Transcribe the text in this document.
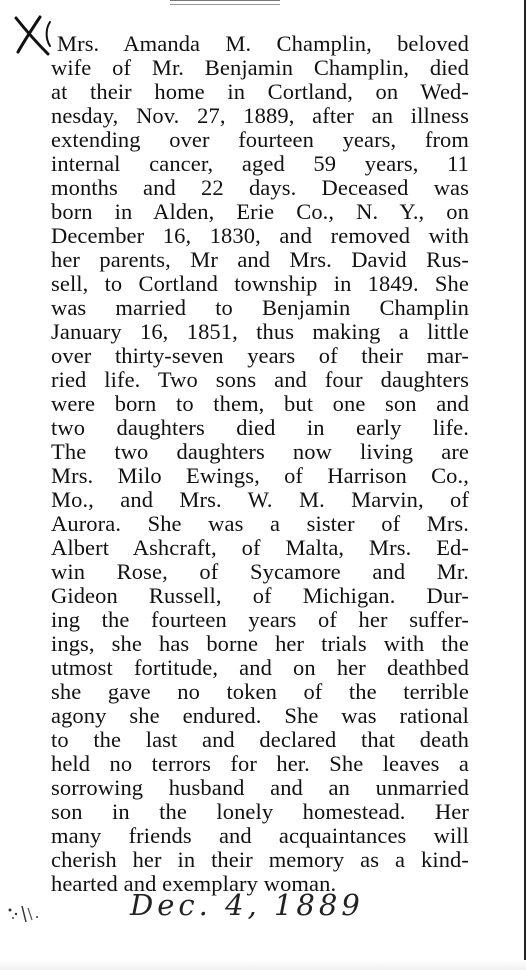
Mrs. Amanda M. Champlin, beloved

wife of Mr. Benjamin Champlin, died

at their home in Cortland, on Wed-

nesday, Nov. 27, 1889, after an illness

extending over fourteen years, from

internal cancer, aged 59 years, 11

months and 22 days. Deceased was

born in Alden, Erie Co., N. Y., on

December 16, 1830, and removed with

her parents, Mr and Mrs. David Rus-

sell, to Cortland township in 1849. She

was married to Benjamin Champlin

January 16, 1851, thus making a little

over thirty-seven years of their mar-

ried life. Two sons and four daughters

were born to them, but one son and

two daughters died in early life.

The two daughters now living are

Mrs. Milo Ewings, of Harrison Co.,

Mo., and Mrs. W. M. Marvin, of

Aurora. She was a sister of Mrs.

Albert Ashcraft, of Malta, Mrs. Ed-

win Rose, of Sycamore and Mr.

Gideon Russell, of Michigan. Dur-

ing the fourteen years of her suffer-

ings, she has borne her trials with the

utmost fortitude, and on her deathbed

she gave no token of the terrible

agony she endured. She was rational

to the last and declared that death

held no terrors for her. She leaves a

sorrowing husband and an unmarried

son in the lonely homestead. Her

many friends and acquaintances will

cherish her in their memory as a kind-

hearted and exemplary woman.

Dec. 4, 1889
